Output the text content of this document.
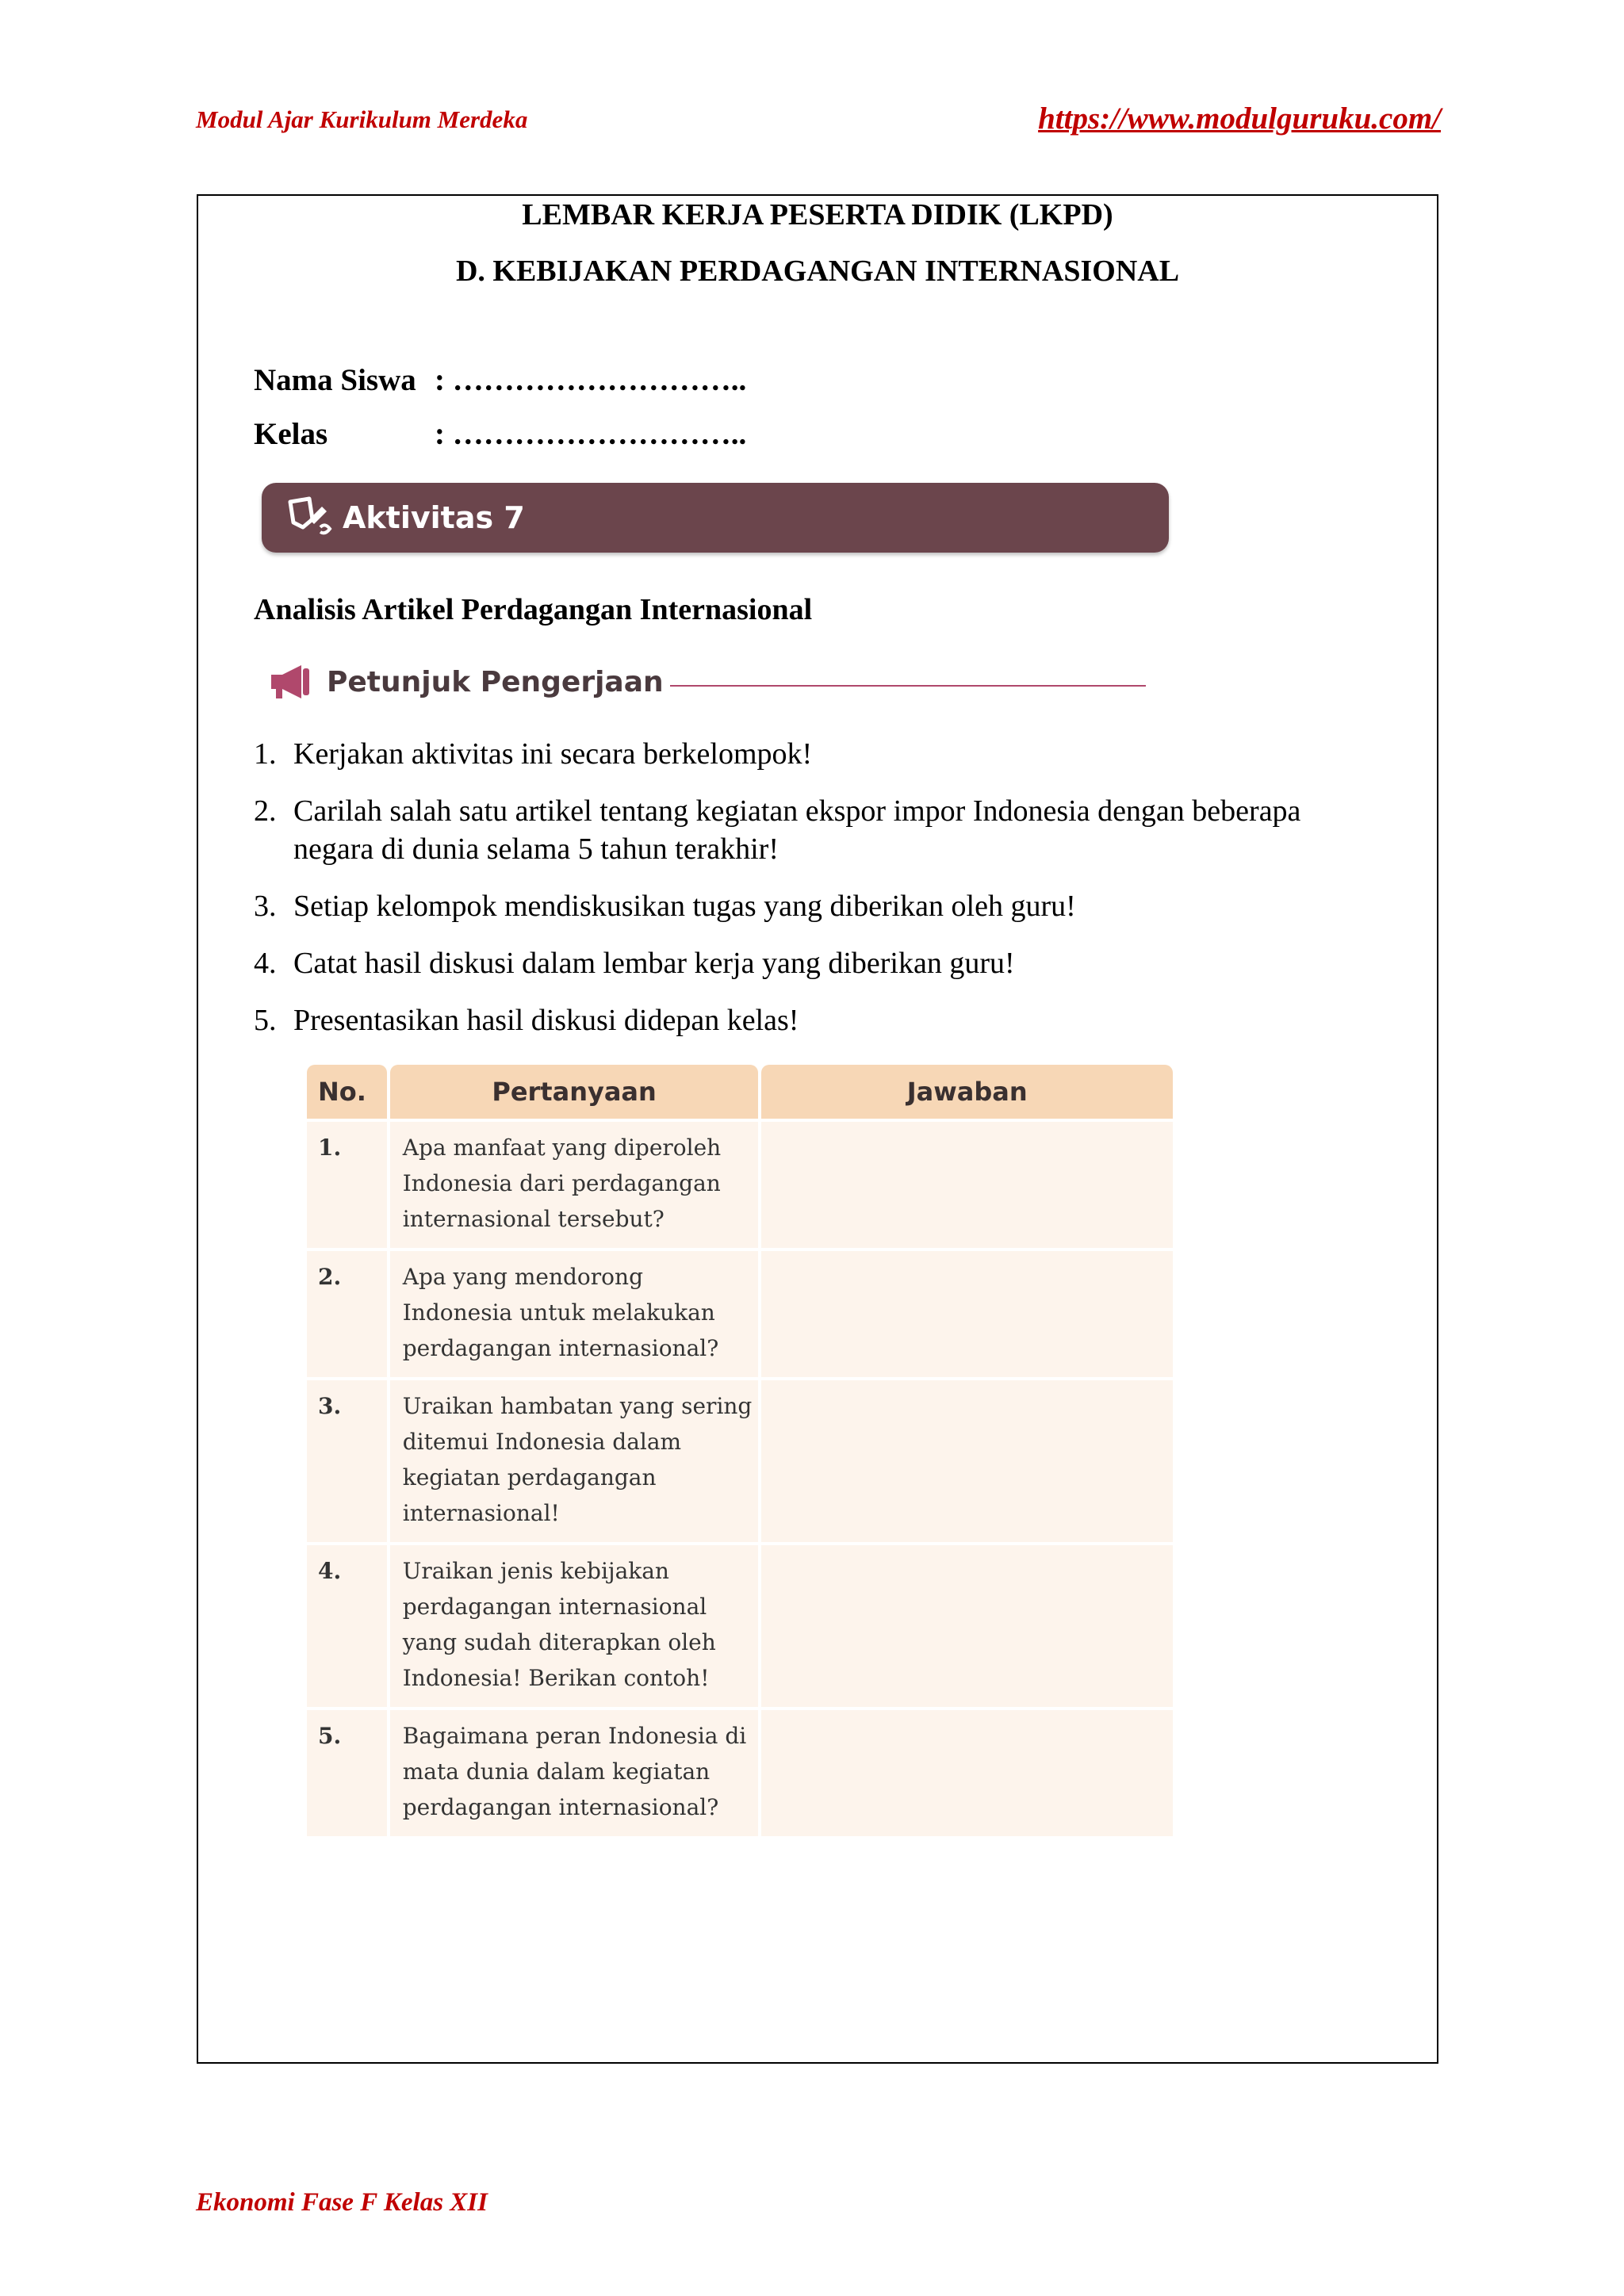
Modul Ajar Kurikulum Merdeka	https://www.modulguruku.com/
LEMBAR KERJA PESERTA DIDIK (LKPD)
D. KEBIJAKAN PERDAGANGAN INTERNASIONAL
Nama Siswa : ………………………..
Kelas	: ………………………..
Aktivitas 7
Analisis Artikel Perdagangan Internasional
Petunjuk Pengerjaan
1. Kerjakan aktivitas ini secara berkelompok!
2. Carilah salah satu artikel tentang kegiatan ekspor impor Indonesia dengan beberapa negara di dunia selama 5 tahun terakhir!
3. Setiap kelompok mendiskusikan tugas yang diberikan oleh guru!
4. Catat hasil diskusi dalam lembar kerja yang diberikan guru!
5. Presentasikan hasil diskusi didepan kelas!
No.	Pertanyaan	Jawaban
1.	Apa manfaat yang diperoleh Indonesia dari perdagangan internasional tersebut?	
2.	Apa yang mendorong Indonesia untuk melakukan perdagangan internasional?	
3.	Uraikan hambatan yang sering ditemui Indonesia dalam kegiatan perdagangan internasional!	
4.	Uraikan jenis kebijakan perdagangan internasional yang sudah diterapkan oleh Indonesia! Berikan contoh!	
5.	Bagaimana peran Indonesia di mata dunia dalam kegiatan perdagangan internasional?	
Ekonomi Fase F Kelas XII
